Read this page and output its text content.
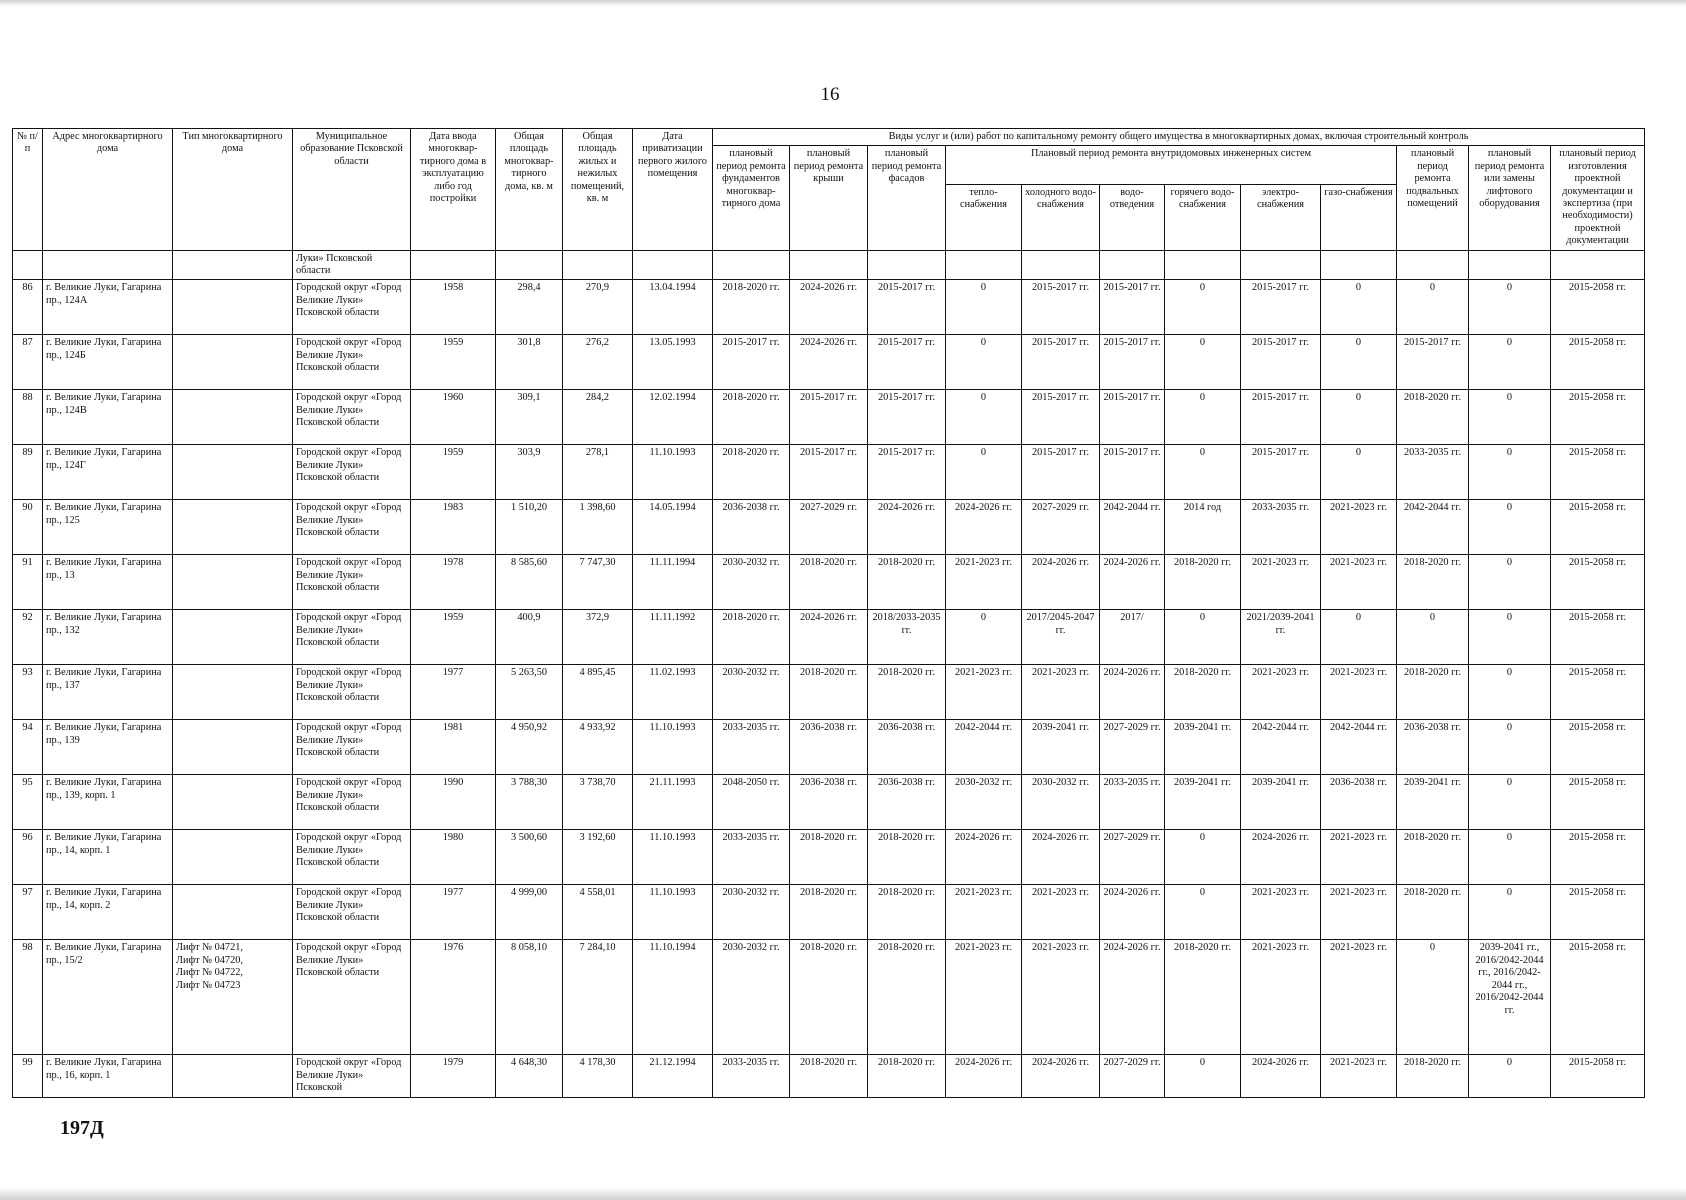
16
№ п/п	Адрес многоквартирного дома	Тип многоквартирного дома	Муниципальное образование Псковской области	Дата ввода многоквар-тирного дома в эксплуатацию либо год постройки	Общая площадь многоквар-тирного дома, кв. м	Общая площадь жилых и нежилых помещений, кв. м	Дата приватизации первого жилого помещения	Виды услуг и (или) работ по капитальному ремонту общего имущества в многоквартирных домах, включая строительный контроль											
								плановый период ремонта фундаментов многоквар-тирного дома	плановый период ремонта крыши	плановый период ремонта фасадов	Плановый период ремонта внутридомовых инженерных систем						плановый период ремонта подвальных помещений	плановый период ремонта или замены лифтового оборудования	плановый период изготовления проектной документации и экспертиза (при необходимости) проектной документации
											тепло-снабжения	холодного водо-снабжения	водо-отведения	горячего водо-снабжения	электро-снабжения	газо-снабжения			
			Луки» Псковской области																
86	г. Великие Луки, Гагарина пр., 124А		Городской округ «Город Великие Луки» Псковской области	1958	298,4	270,9	13.04.1994	2018-2020 гг.	2024-2026 гг.	2015-2017 гг.	0	2015-2017 гг.	2015-2017 гг.	0	2015-2017 гг.	0	0	0	2015-2058 гг.
87	г. Великие Луки, Гагарина пр., 124Б		Городской округ «Город Великие Луки» Псковской области	1959	301,8	276,2	13.05.1993	2015-2017 гг.	2024-2026 гг.	2015-2017 гг.	0	2015-2017 гг.	2015-2017 гг.	0	2015-2017 гг.	0	2015-2017 гг.	0	2015-2058 гг.
88	г. Великие Луки, Гагарина пр., 124В		Городской округ «Город Великие Луки» Псковской области	1960	309,1	284,2	12.02.1994	2018-2020 гг.	2015-2017 гг.	2015-2017 гг.	0	2015-2017 гг.	2015-2017 гг.	0	2015-2017 гг.	0	2018-2020 гг.	0	2015-2058 гг.
89	г. Великие Луки, Гагарина пр., 124Г		Городской округ «Город Великие Луки» Псковской области	1959	303,9	278,1	11.10.1993	2018-2020 гг.	2015-2017 гг.	2015-2017 гг.	0	2015-2017 гг.	2015-2017 гг.	0	2015-2017 гг.	0	2033-2035 гг.	0	2015-2058 гг.
90	г. Великие Луки, Гагарина пр., 125		Городской округ «Город Великие Луки» Псковской области	1983	1 510,20	1 398,60	14.05.1994	2036-2038 гг.	2027-2029 гг.	2024-2026 гг.	2024-2026 гг.	2027-2029 гг.	2042-2044 гг.	2014 год	2033-2035 гг.	2021-2023 гг.	2042-2044 гг.	0	2015-2058 гг.
91	г. Великие Луки, Гагарина пр., 13		Городской округ «Город Великие Луки» Псковской области	1978	8 585,60	7 747,30	11.11.1994	2030-2032 гг.	2018-2020 гг.	2018-2020 гг.	2021-2023 гг.	2024-2026 гг.	2024-2026 гг.	2018-2020 гг.	2021-2023 гг.	2021-2023 гг.	2018-2020 гг.	0	2015-2058 гг.
92	г. Великие Луки, Гагарина пр., 132		Городской округ «Город Великие Луки» Псковской области	1959	400,9	372,9	11.11.1992	2018-2020 гг.	2024-2026 гг.	2018/2033-2035 гг.	0	2017/2045-2047 гг.	2017/	0	2021/2039-2041 гг.	0	0	0	2015-2058 гг.
93	г. Великие Луки, Гагарина пр., 137		Городской округ «Город Великие Луки» Псковской области	1977	5 263,50	4 895,45	11.02.1993	2030-2032 гг.	2018-2020 гг.	2018-2020 гг.	2021-2023 гг.	2021-2023 гг.	2024-2026 гг.	2018-2020 гг.	2021-2023 гг.	2021-2023 гг.	2018-2020 гг.	0	2015-2058 гг.
94	г. Великие Луки, Гагарина пр., 139		Городской округ «Город Великие Луки» Псковской области	1981	4 950,92	4 933,92	11.10.1993	2033-2035 гг.	2036-2038 гг.	2036-2038 гг.	2042-2044 гг.	2039-2041 гг.	2027-2029 гг.	2039-2041 гг.	2042-2044 гг.	2042-2044 гг.	2036-2038 гг.	0	2015-2058 гг.
95	г. Великие Луки, Гагарина пр., 139, корп. 1		Городской округ «Город Великие Луки» Псковской области	1990	3 788,30	3 738,70	21.11.1993	2048-2050 гг.	2036-2038 гг.	2036-2038 гг.	2030-2032 гг.	2030-2032 гг.	2033-2035 гг.	2039-2041 гг.	2039-2041 гг.	2036-2038 гг.	2039-2041 гг.	0	2015-2058 гг.
96	г. Великие Луки, Гагарина пр., 14, корп. 1		Городской округ «Город Великие Луки» Псковской области	1980	3 500,60	3 192,60	11.10.1993	2033-2035 гг.	2018-2020 гг.	2018-2020 гг.	2024-2026 гг.	2024-2026 гг.	2027-2029 гг.	0	2024-2026 гг.	2021-2023 гг.	2018-2020 гг.	0	2015-2058 гг.
97	г. Великие Луки, Гагарина пр., 14, корп. 2		Городской округ «Город Великие Луки» Псковской области	1977	4 999,00	4 558,01	11.10.1993	2030-2032 гг.	2018-2020 гг.	2018-2020 гг.	2021-2023 гг.	2021-2023 гг.	2024-2026 гг.	0	2021-2023 гг.	2021-2023 гг.	2018-2020 гг.	0	2015-2058 гг.
98	г. Великие Луки, Гагарина пр., 15/2	Лифт № 04721,
Лифт № 04720,
Лифт № 04722,
Лифт № 04723	Городской округ «Город Великие Луки» Псковской области	1976	8 058,10	7 284,10	11.10.1994	2030-2032 гг.	2018-2020 гг.	2018-2020 гг.	2021-2023 гг.	2021-2023 гг.	2024-2026 гг.	2018-2020 гг.	2021-2023 гг.	2021-2023 гг.	0	2039-2041 гг., 2016/2042-2044 гг., 2016/2042-2044 гг., 2016/2042-2044 гг.	2015-2058 гг.
99	г. Великие Луки, Гагарина пр., 16, корп. 1		Городской округ «Город Великие Луки» Псковской	1979	4 648,30	4 178,30	21.12.1994	2033-2035 гг.	2018-2020 гг.	2018-2020 гг.	2024-2026 гг.	2024-2026 гг.	2027-2029 гг.	0	2024-2026 гг.	2021-2023 гг.	2018-2020 гг.	0	2015-2058 гг.
197Д
